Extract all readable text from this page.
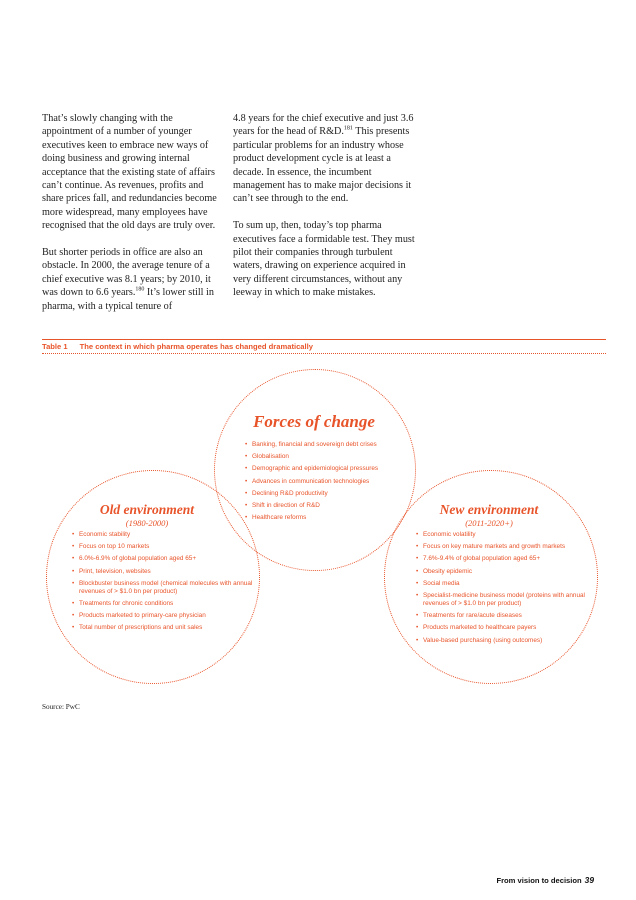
That’s slowly changing with the appointment of a number of younger executives keen to embrace new ways of doing business and growing internal acceptance that the existing state of affairs can’t continue. As revenues, profits and share prices fall, and redundancies become more widespread, many employees have recognised that the old days are truly over.

But shorter periods in office are also an obstacle. In 2000, the average tenure of a chief executive was 8.1 years; by 2010, it was down to 6.6 years.$^{180}$ It’s lower still in pharma, with a typical tenure of

4.8 years for the chief executive and just 3.6 years for the head of R&D.$^{181}$ This presents particular problems for an industry whose product development cycle is at least a decade. In essence, the incumbent management has to make major decisions it can’t see through to the end.

To sum up, then, today’s top pharma executives face a formidable test. They must pilot their companies through turbulent waters, drawing on experience acquired in very different circumstances, without any leeway in which to make mistakes.

Table 1 The context in which pharma operates has changed dramatically
Forces of change
• Banking, financial and sovereign debt crises
• Globalisation
• Demographic and epidemiological pressures
• Advances in communication technologies
• Declining R&D productivity
• Shift in direction of R&D
• Healthcare reforms
Old environment
(1980-2000)
• Economic stability
• Focus on top 10 markets
• 6.0%-6.9% of global population aged 65+
• Print, television, websites
• Blockbuster business model (chemical molecules with annual revenues of > $1.0 bn per product)
• Treatments for chronic conditions
• Products marketed to primary-care physician
• Total number of prescriptions and unit sales
New environment
(2011-2020+)
• Economic volatility
• Focus on key mature markets and growth markets
• 7.6%-9.4% of global population aged 65+
• Obesity epidemic
• Social media
• Specialist-medicine business model (proteins with annual revenues of > $1.0 bn per product)
• Treatments for rare/acute diseases
• Products marketed to healthcare payers
• Value-based purchasing (using outcomes)
Source: PwC
From vision to decision 39
